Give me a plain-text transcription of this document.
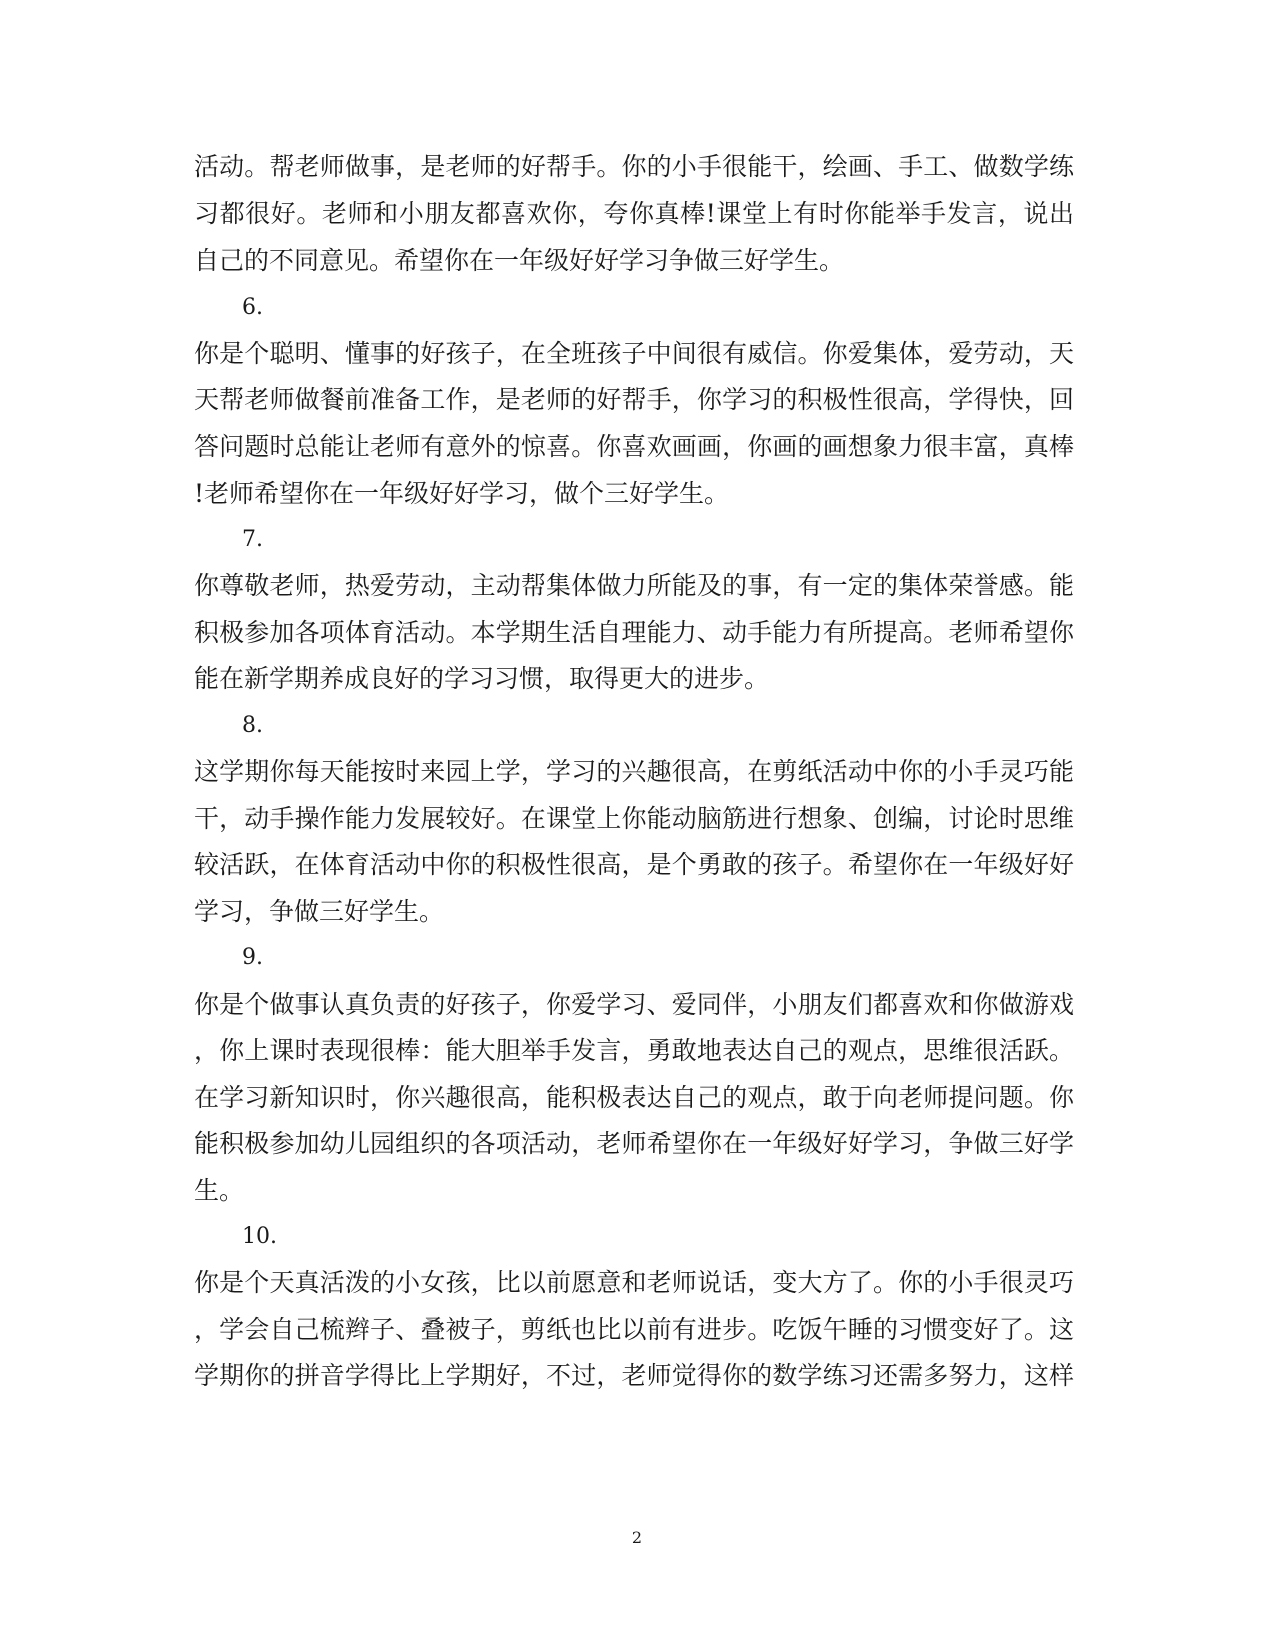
活动。帮老师做事，是老师的好帮手。你的小手很能干，绘画、手工、做数学练
习都很好。老师和小朋友都喜欢你，夸你真棒!课堂上有时你能举手发言，说出
自己的不同意见。希望你在一年级好好学习争做三好学生。
6.
你是个聪明、懂事的好孩子，在全班孩子中间很有威信。你爱集体，爱劳动，天
天帮老师做餐前准备工作，是老师的好帮手，你学习的积极性很高，学得快，回
答问题时总能让老师有意外的惊喜。你喜欢画画，你画的画想象力很丰富，真棒
!老师希望你在一年级好好学习，做个三好学生。
7.
你尊敬老师，热爱劳动，主动帮集体做力所能及的事，有一定的集体荣誉感。能
积极参加各项体育活动。本学期生活自理能力、动手能力有所提高。老师希望你
能在新学期养成良好的学习习惯，取得更大的进步。
8.
这学期你每天能按时来园上学，学习的兴趣很高，在剪纸活动中你的小手灵巧能
干，动手操作能力发展较好。在课堂上你能动脑筋进行想象、创编，讨论时思维
较活跃，在体育活动中你的积极性很高，是个勇敢的孩子。希望你在一年级好好
学习，争做三好学生。
9.
你是个做事认真负责的好孩子，你爱学习、爱同伴，小朋友们都喜欢和你做游戏
，你上课时表现很棒：能大胆举手发言，勇敢地表达自己的观点，思维很活跃。
在学习新知识时，你兴趣很高，能积极表达自己的观点，敢于向老师提问题。你
能积极参加幼儿园组织的各项活动，老师希望你在一年级好好学习，争做三好学
生。
10.
你是个天真活泼的小女孩，比以前愿意和老师说话，变大方了。你的小手很灵巧
，学会自己梳辫子、叠被子，剪纸也比以前有进步。吃饭午睡的习惯变好了。这
学期你的拼音学得比上学期好，不过，老师觉得你的数学练习还需多努力，这样
2
